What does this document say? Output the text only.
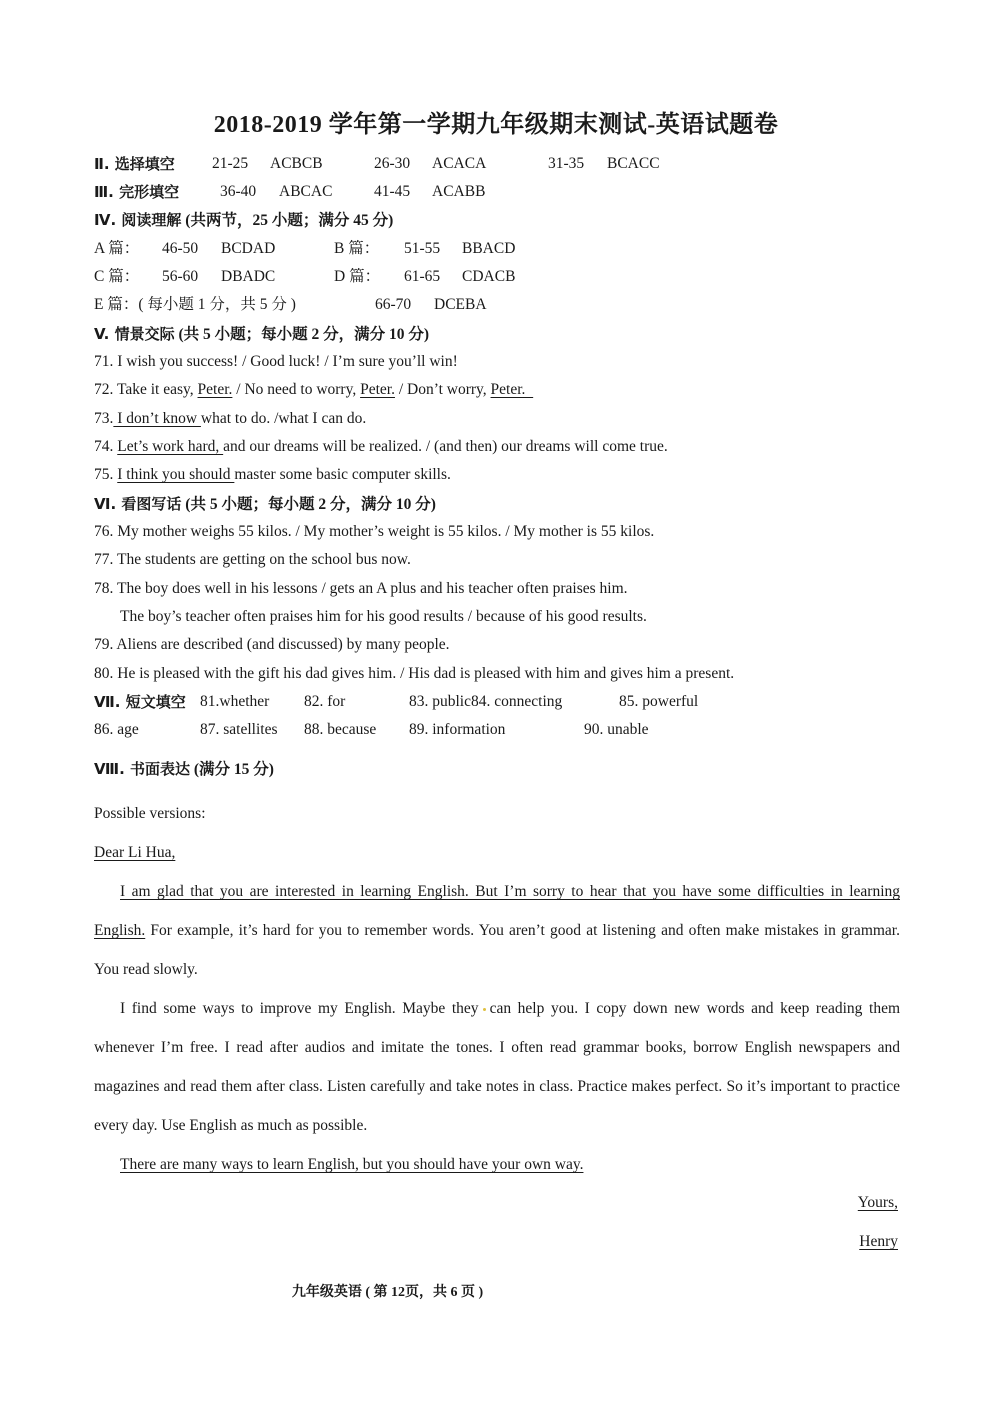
2018-2019 学年第一学期九年级期末测试-英语试题卷
Ⅱ. 选择填空 21-25 ACBCB	26-30 ACACA	31-35 BCACC
Ⅲ. 完形填空	36-40 ABCAC	41-45 ACABB
Ⅳ. 阅读理解 (共两节，25 小题；满分 45 分)
A 篇： 46-50 BCDAD	B 篇： 51-55 BBACD
C 篇： 56-60 DBADC	D 篇： 61-65 CDACB
E 篇：( 每小题 1 分，共 5 分 )	66-70 DCEBA
V. 情景交际 (共 5 小题；每小题 2 分，满分 10 分)
71. I wish you success! / Good luck! / I’m sure you’ll win!
72. Take it easy, Peter. / No need to worry, Peter. / Don’t worry, Peter.
73. I don’t know what to do. /what I can do.
74. Let’s work hard, and our dreams will be realized. / (and then) our dreams will come true.
75. I think you should master some basic computer skills.
Ⅵ. 看图写话 (共 5 小题；每小题 2 分，满分 10 分)
76. My mother weighs 55 kilos. / My mother’s weight is 55 kilos. / My mother is 55 kilos.
77. The students are getting on the school bus now.
78. The boy does well in his lessons / gets an A plus and his teacher often praises him.
The boy’s teacher often praises him for his good results / because of his good results.
79. Aliens are described (and discussed) by many people.
80. He is pleased with the gift his dad gives him. / His dad is pleased with him and gives him a present.
Ⅶ. 短文填空 81.whether 82. for	83. public84. connecting	85. powerful
86. age	87. satellites 88. because 89. information	90. unable
Ⅷ. 书面表达 (满分 15 分)
Possible versions:
Dear Li Hua,
I am glad that you are interested in learning English. But I’m sorry to hear that you have some difficulties in learning English. For example, it’s hard for you to remember words. You aren’t good at listening and often make mistakes in grammar. You read slowly.
I find some ways to improve my English. Maybe they can help you. I copy down new words and keep reading them whenever I’m free. I read after audios and imitate the tones. I often read grammar books, borrow English newspapers and magazines and read them after class. Listen carefully and take notes in class. Practice makes perfect. So it’s important to practice every day. Use English as much as possible.
There are many ways to learn English, but you should have your own way.
Yours,
Henry
九年级英语 ( 第 12页，共 6 页 )
